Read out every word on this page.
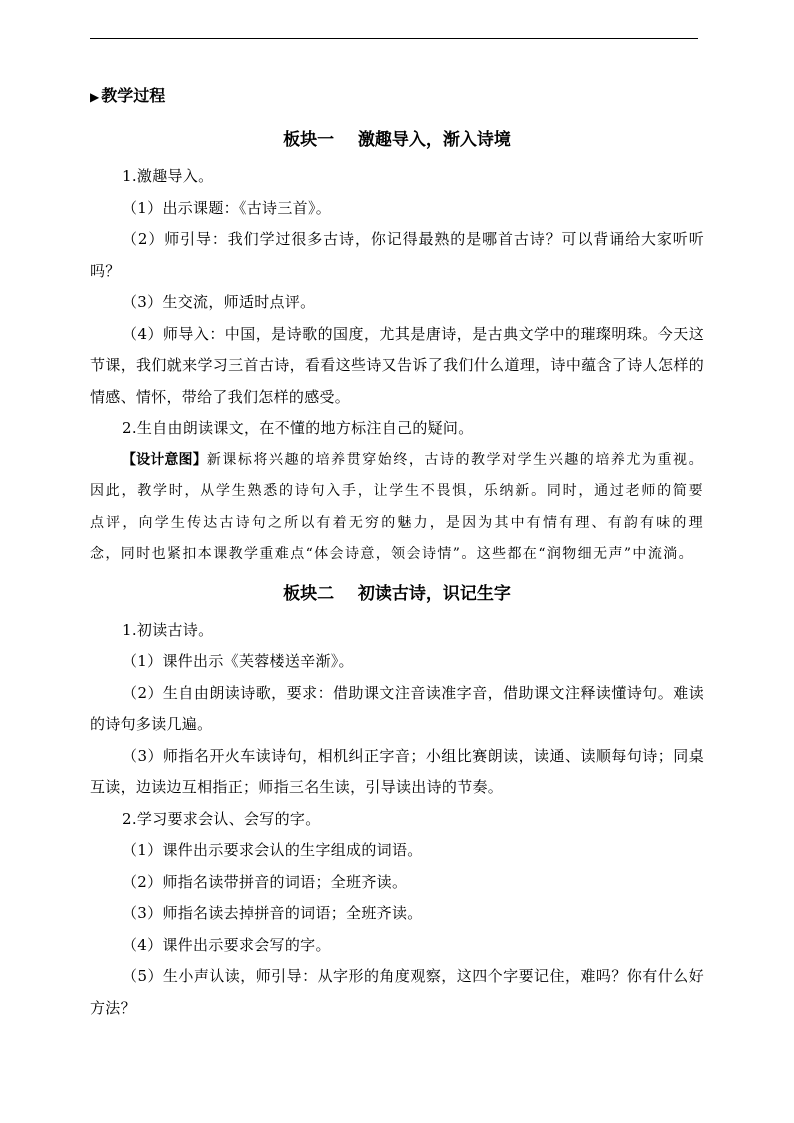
▶ 教学过程
板块一    激趣导入，渐入诗境

1.激趣导入。

（1）出示课题：《古诗三首》。

（2）师引导：我们学过很多古诗，你记得最熟的是哪首古诗？可以背诵给大家听听吗？

（3）生交流，师适时点评。

（4）师导入：中国，是诗歌的国度，尤其是唐诗，是古典文学中的璀璨明珠。今天这节课，我们就来学习三首古诗，看看这些诗又告诉了我们什么道理，诗中蕴含了诗人怎样的情感、情怀，带给了我们怎样的感受。

2.生自由朗读课文，在不懂的地方标注自己的疑问。

【设计意图】新课标将兴趣的培养贯穿始终，古诗的教学对学生兴趣的培养尤为重视。因此，教学时，从学生熟悉的诗句入手，让学生不畏惧，乐纳新。同时，通过老师的简要点评，向学生传达古诗句之所以有着无穷的魅力，是因为其中有情有理、有韵有味的理念，同时也紧扣本课教学重难点“体会诗意，领会诗情”。这些都在“润物细无声”中流淌。

板块二    初读古诗，识记生字

1.初读古诗。

（1）课件出示《芙蓉楼送辛渐》。

（2）生自由朗读诗歌，要求：借助课文注音读准字音，借助课文注释读懂诗句。难读的诗句多读几遍。

（3）师指名开火车读诗句，相机纠正字音；小组比赛朗读，读通、读顺每句诗；同桌互读，边读边互相指正；师指三名生读，引导读出诗的节奏。

2.学习要求会认、会写的字。

（1）课件出示要求会认的生字组成的词语。

（2）师指名读带拼音的词语；全班齐读。

（3）师指名读去掉拼音的词语；全班齐读。

（4）课件出示要求会写的字。

（5）生小声认读，师引导：从字形的角度观察，这四个字要记住，难吗？你有什么好方法？
